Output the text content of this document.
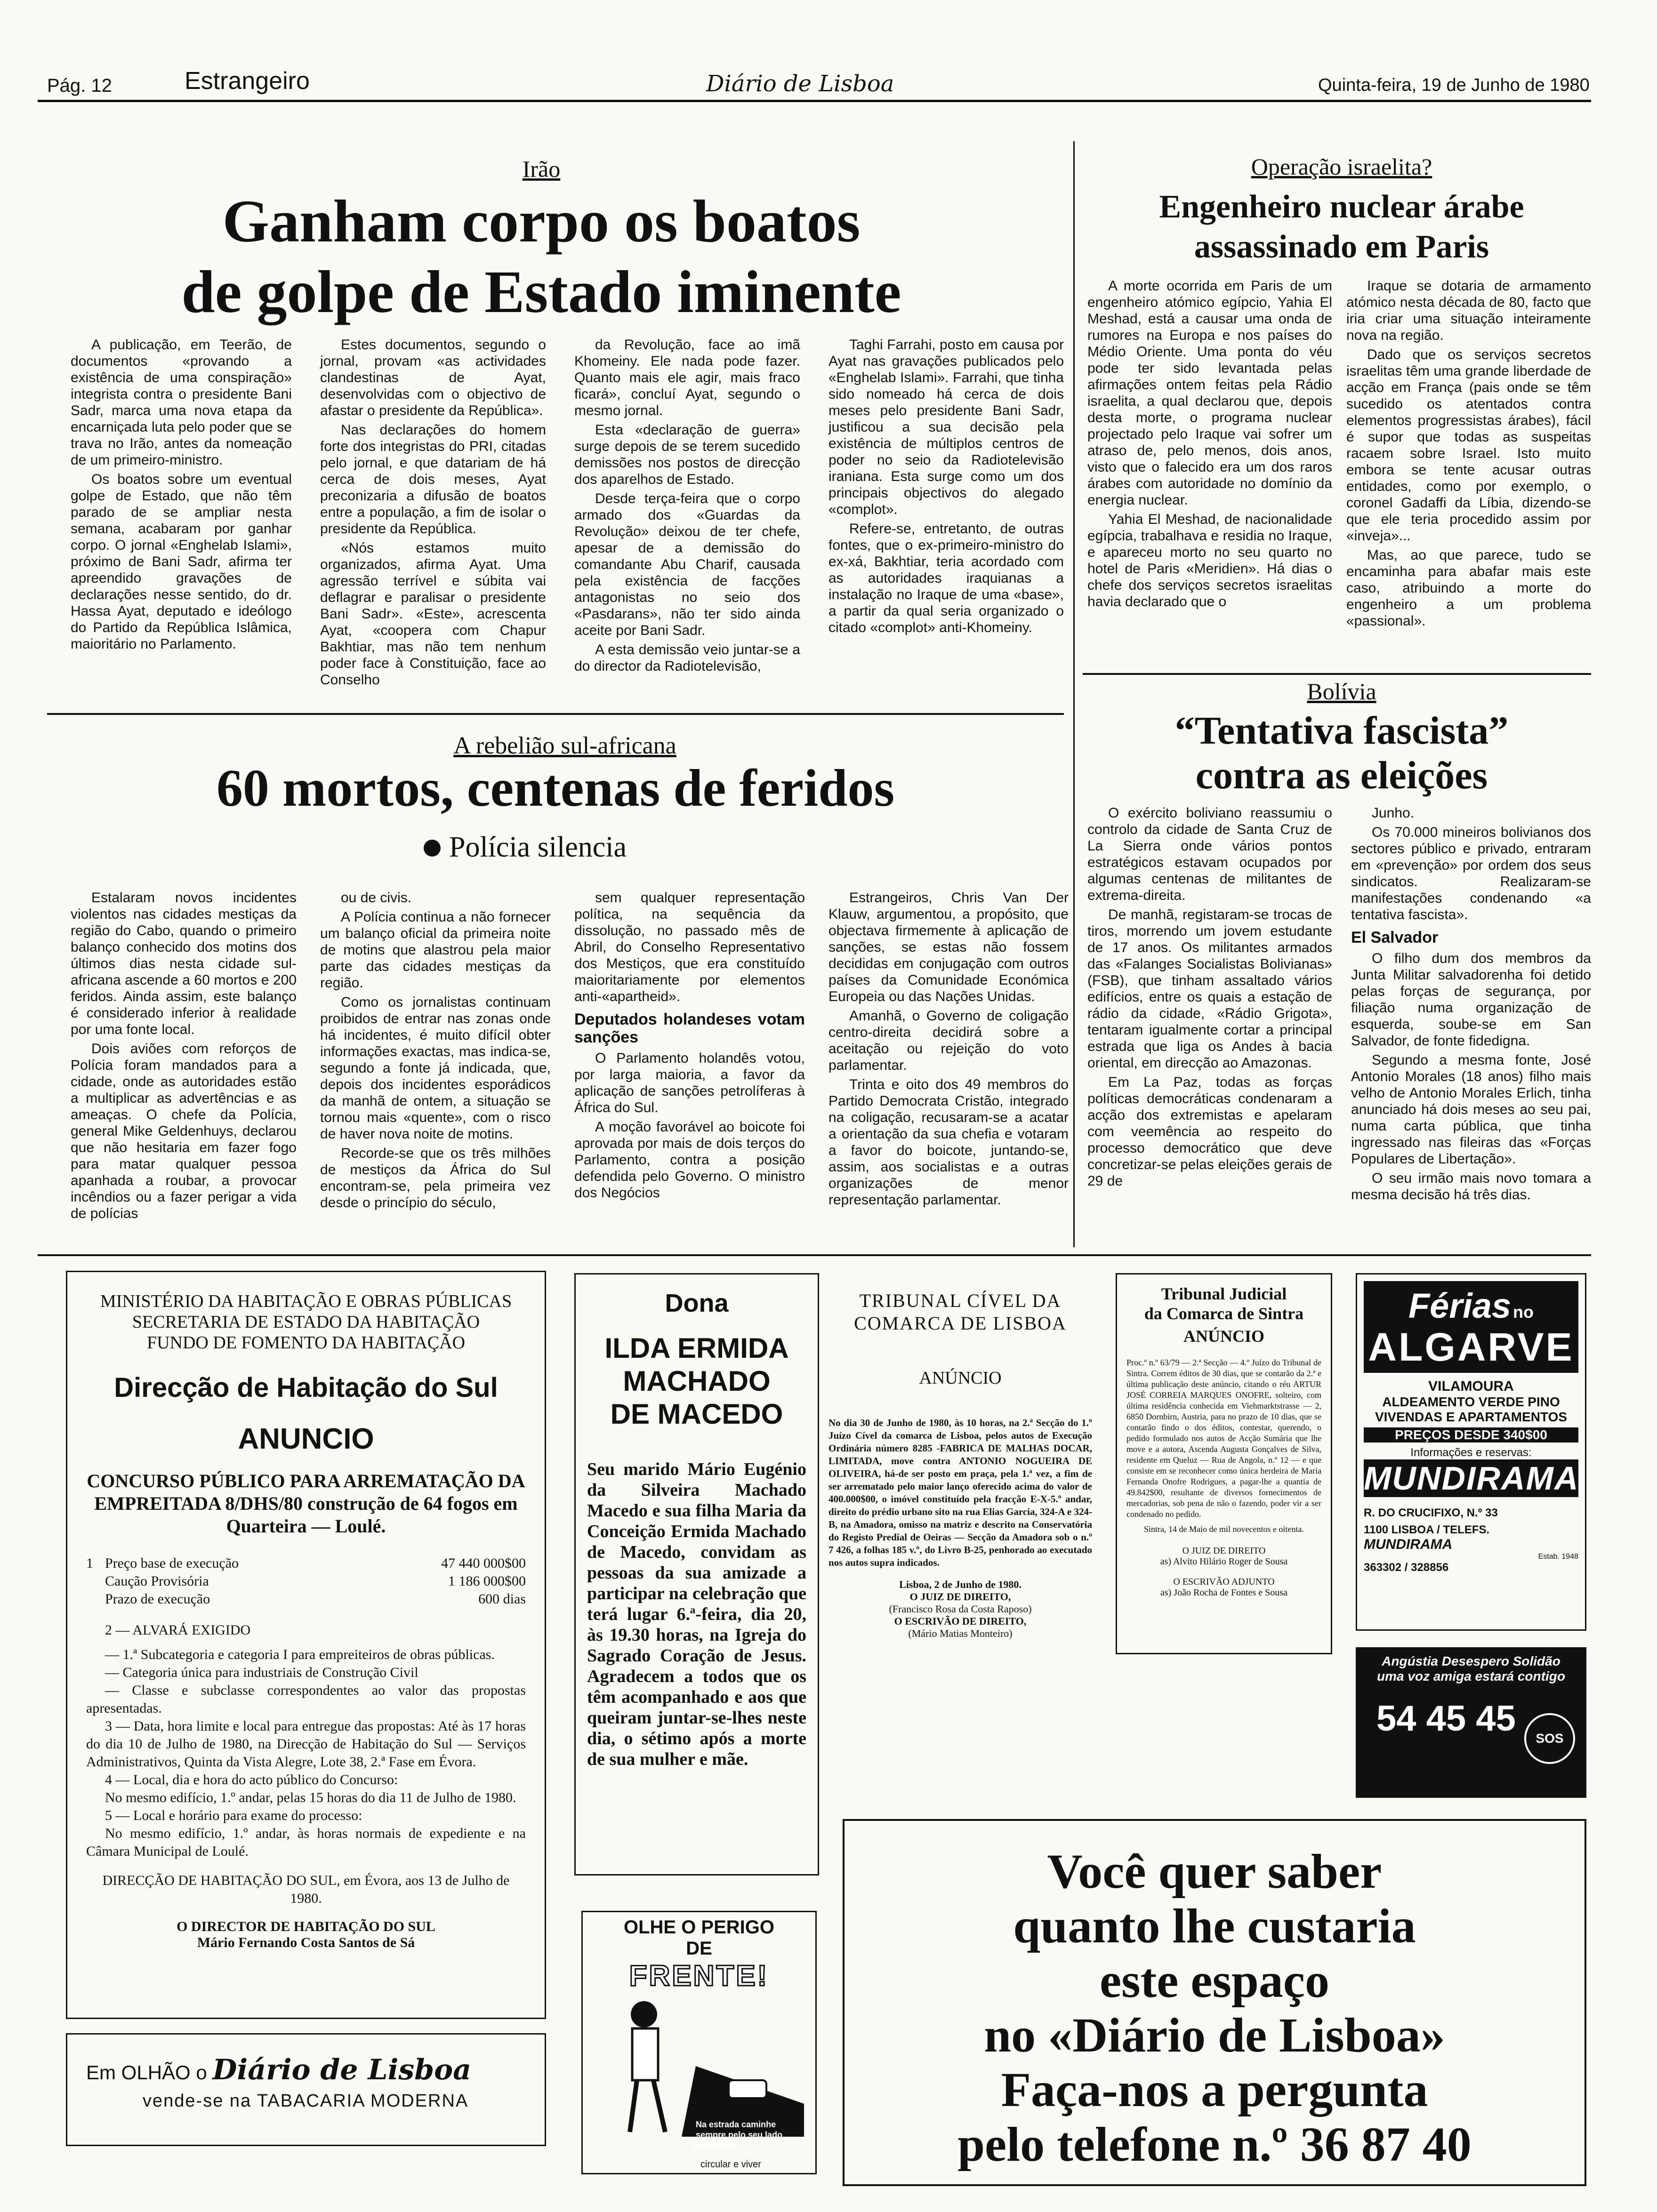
Pág. 12	Estrangeiro	Diário de Lisboa	Quinta-feira, 19 de Junho de 1980
Irão
Ganham corpo os boatos
de golpe de Estado iminente

A publicação, em Teerão, de documentos «provando a existência de uma conspiração» integrista contra o presidente Bani Sadr, marca uma nova etapa da encarniçada luta pelo poder que se trava no Irão, antes da nomeação de um primeiro-ministro.

Os boatos sobre um eventual golpe de Estado, que não têm parado de se ampliar nesta semana, acabaram por ganhar corpo. O jornal «Enghelab Islami», próximo de Bani Sadr, afirma ter apreendido gravações de declarações nesse sentido, do dr. Hassa Ayat, deputado e ideólogo do Partido da República Islâmica, maioritário no Parlamento.

Estes documentos, segundo o jornal, provam «as actividades clandestinas de Ayat, desenvolvidas com o objectivo de afastar o presidente da República».

Nas declarações do homem forte dos integristas do PRI, citadas pelo jornal, e que datariam de há cerca de dois meses, Ayat preconizaria a difusão de boatos entre a população, a fim de isolar o presidente da República.

«Nós estamos muito organizados, afirma Ayat. Uma agressão terrível e súbita vai deflagrar e paralisar o presidente Bani Sadr». «Este», acrescenta Ayat, «coopera com Chapur Bakhtiar, mas não tem nenhum poder face à Constituição, face ao Conselho

da Revolução, face ao imã Khomeiny. Ele nada pode fazer. Quanto mais ele agir, mais fraco ficará», concluí Ayat, segundo o mesmo jornal.

Esta «declaração de guerra» surge depois de se terem sucedido demissões nos postos de direcção dos aparelhos de Estado.

Desde terça-feira que o corpo armado dos «Guardas da Revolução» deixou de ter chefe, apesar de a demissão do comandante Abu Charif, causada pela existência de facções antagonistas no seio dos «Pasdarans», não ter sido ainda aceite por Bani Sadr.

A esta demissão veio juntar-se a do director da Radiotelevisão,

Taghi Farrahi, posto em causa por Ayat nas gravações publicados pelo «Enghelab Islami». Farrahi, que tinha sido nomeado há cerca de dois meses pelo presidente Bani Sadr, justificou a sua decisão pela existência de múltiplos centros de poder no seio da Radiotelevisão iraniana. Esta surge como um dos principais objectivos do alegado «complot».

Refere-se, entretanto, de outras fontes, que o ex-primeiro-ministro do ex-xá, Bakhtiar, teria acordado com as autoridades iraquianas a instalação no Iraque de uma «base», a partir da qual seria organizado o citado «complot» anti-Khomeiny.

Operação israelita?
Engenheiro nuclear árabe
assassinado em Paris

A morte ocorrida em Paris de um engenheiro atómico egípcio, Yahia El Meshad, está a causar uma onda de rumores na Europa e nos países do Médio Oriente. Uma ponta do véu pode ter sido levantada pelas afirmações ontem feitas pela Rádio israelita, a qual declarou que, depois desta morte, o programa nuclear projectado pelo Iraque vai sofrer um atraso de, pelo menos, dois anos, visto que o falecido era um dos raros árabes com autoridade no domínio da energia nuclear.

Yahia El Meshad, de nacionalidade egípcia, trabalhava e residia no Iraque, e apareceu morto no seu quarto no hotel de Paris «Meridien». Há dias o chefe dos serviços secretos israelitas havia declarado que o

Iraque se dotaria de armamento atómico nesta década de 80, facto que iria criar uma situação inteiramente nova na região.

Dado que os serviços secretos israelitas têm uma grande liberdade de acção em França (pais onde se têm sucedido os atentados contra elementos progressistas árabes), fácil é supor que todas as suspeitas racaem sobre Israel. Isto muito embora se tente acusar outras entidades, como por exemplo, o coronel Gadaffi da Líbia, dizendo-se que ele teria procedido assim por «inveja»...

Mas, ao que parece, tudo se encaminha para abafar mais este caso, atribuindo a morte do engenheiro a um problema «passional».

Bolívia
“Tentativa fascista”
contra as eleições

O exército boliviano reassumiu o controlo da cidade de Santa Cruz de La Sierra onde vários pontos estratégicos estavam ocupados por algumas centenas de militantes de extrema-direita.

De manhã, registaram-se trocas de tiros, morrendo um jovem estudante de 17 anos. Os militantes armados das «Falanges Socialistas Bolivianas» (FSB), que tinham assaltado vários edifícios, entre os quais a estação de rádio da cidade, «Rádio Grigota», tentaram igualmente cortar a principal estrada que liga os Andes à bacia oriental, em direcção ao Amazonas.

Em La Paz, todas as forças políticas democráticas condenaram a acção dos extremistas e apelaram com veemência ao respeito do processo democrático que deve concretizar-se pelas eleições gerais de 29 de

Junho.

Os 70.000 mineiros bolivianos dos sectores público e privado, entraram em «prevenção» por ordem dos seus sindicatos. Realizaram-se manifestações condenando «a tentativa fascista».

El Salvador

O filho dum dos membros da Junta Militar salvadorenha foi detido pelas forças de segurança, por filiação numa organização de esquerda, soube-se em San Salvador, de fonte fidedigna.

Segundo a mesma fonte, José Antonio Morales (18 anos) filho mais velho de Antonio Morales Erlich, tinha anunciado há dois meses ao seu pai, numa carta pública, que tinha ingressado nas fileiras das «Forças Populares de Libertação».

O seu irmão mais novo tomara a mesma decisão há três dias.

A rebelião sul-africana
60 mortos, centenas de feridos
Polícia silencia

Estalaram novos incidentes violentos nas cidades mestiças da região do Cabo, quando o primeiro balanço conhecido dos motins dos últimos dias nesta cidade sul-africana ascende a 60 mortos e 200 feridos. Ainda assim, este balanço é considerado inferior à realidade por uma fonte local.

Dois aviões com reforços de Polícia foram mandados para a cidade, onde as autoridades estão a multiplicar as advertências e as ameaças. O chefe da Polícia, general Mike Geldenhuys, declarou que não hesitaria em fazer fogo para matar qualquer pessoa apanhada a roubar, a provocar incêndios ou a fazer perigar a vida de polícias

ou de civis.

A Polícia continua a não fornecer um balanço oficial da primeira noite de motins que alastrou pela maior parte das cidades mestiças da região.

Como os jornalistas continuam proibidos de entrar nas zonas onde há incidentes, é muito difícil obter informações exactas, mas indica-se, segundo a fonte já indicada, que, depois dos incidentes esporádicos da manhã de ontem, a situação se tornou mais «quente», com o risco de haver nova noite de motins.

Recorde-se que os três milhões de mestiços da África do Sul encontram-se, pela primeira vez desde o princípio do século,

sem qualquer representação política, na sequência da dissolução, no passado mês de Abril, do Conselho Representativo dos Mestiços, que era constituído maioritariamente por elementos anti-«apartheid».

Deputados holandeses votam sanções

O Parlamento holandês votou, por larga maioria, a favor da aplicação de sanções petrolíferas à África do Sul.

A moção favorável ao boicote foi aprovada por mais de dois terços do Parlamento, contra a posição defendida pelo Governo. O ministro dos Negócios

Estrangeiros, Chris Van Der Klauw, argumentou, a propósito, que objectava firmemente à aplicação de sanções, se estas não fossem decididas em conjugação com outros países da Comunidade Económica Europeia ou das Nações Unidas.

Amanhã, o Governo de coligação centro-direita decidirá sobre a aceitação ou rejeição do voto parlamentar.

Trinta e oito dos 49 membros do Partido Democrata Cristão, integrado na coligação, recusaram-se a acatar a orientação da sua chefia e votaram a favor do boicote, juntando-se, assim, aos socialistas e a outras organizações de menor representação parlamentar.

MINISTÉRIO DA HABITAÇÃO E OBRAS PÚBLICAS
SECRETARIA DE ESTADO DA HABITAÇÃO
FUNDO DE FOMENTO DA HABITAÇÃO
Direcção de Habitação do Sul
ANUNCIO
CONCURSO PÚBLICO PARA ARREMATAÇÃO DA EMPREITADA 8/DHS/80 construção de 64 fogos em Quarteira — Loulé.
1 Preço base de execução	47 440 000$00
Caução Provisória	1 186 000$00
Prazo de execução	600 dias
2 — ALVARÁ EXIGIDO
— 1.ª Subcategoria e categoria I para empreiteiros de obras públicas.
— Categoria única para industriais de Construção Civil
— Classe e subclasse correspondentes ao valor das propostas apresentadas.
3 — Data, hora limite e local para entregue das propostas: Até às 17 horas do dia 10 de Julho de 1980, na Direcção de Habitação do Sul — Serviços Administrativos, Quinta da Vista Alegre, Lote 38, 2.ª Fase em Évora.
4 — Local, dia e hora do acto público do Concurso:
No mesmo edifício, 1.º andar, pelas 15 horas do dia 11 de Julho de 1980.
5 — Local e horário para exame do processo:
No mesmo edifício, 1.º andar, às horas normais de expediente e na Câmara Municipal de Loulé.
DIRECÇÃO DE HABITAÇÃO DO SUL, em Évora, aos 13 de Julho de 1980.
O DIRECTOR DE HABITAÇÃO DO SUL
Mário Fernando Costa Santos de Sá
Em OLHÃO o Diário de Lisboa
vende-se na TABACARIA MODERNA
Dona
ILDA ERMIDA
MACHADO
DE MACEDO
Seu marido Mário Eugénio da Silveira Machado Macedo e sua filha Maria da Conceição Ermida Machado de Macedo, convidam as pessoas da sua amizade a participar na celebração que terá lugar 6.ª-feira, dia 20, às 19.30 horas, na Igreja do Sagrado Coração de Jesus. Agradecem a todos que os têm acompanhado e aos que queiram juntar-se-lhes neste dia, o sétimo após a morte de sua mulher e mãe.
OLHE O PERIGO
DE
FRENTE!
Na estrada caminhe sempre pelo seu lado esquerdo
circular e viver
TRIBUNAL CÍVEL DA COMARCA DE LISBOA
ANÚNCIO
No dia 30 de Junho de 1980, às 10 horas, na 2.ª Secção do 1.º Juízo Cível da comarca de Lisboa, pelos autos de Execução Ordinária número 8285 -FABRICA DE MALHAS DOCAR, LIMITADA, move contra ANTONIO NOGUEIRA DE OLIVEIRA, há-de ser posto em praça, pela 1.ª vez, a fim de ser arrematado pelo maior lanço oferecido acima do valor de 400.000$00, o imóvel constituído pela fracção E-X-5.º andar, direito do prédio urbano sito na rua Elias Garcia, 324-A e 324-B, na Amadora, omisso na matriz e descrito na Conservatória do Registo Predial de Oeiras — Secção da Amadora sob o n.º 7 426, a folhas 185 v.º, do Livro B-25, penhorado ao executado nos autos supra indicados.
Lisboa, 2 de Junho de 1980.
O JUIZ DE DIREITO,
(Francisco Rosa da Costa Raposo)
O ESCRIVÃO DE DIREITO,
(Mário Matias Monteiro)
Tribunal Judicial
da Comarca de Sintra
ANÚNCIO
Proc.º n.º 63/79 — 2.ª Secção — 4.º Juízo do Tribunal de Sintra. Correm éditos de 30 dias, que se contarão da 2.ª e última publicação deste anúncio, citando o réu ARTUR JOSÉ CORREIA MARQUES ONOFRE, solteiro, com última residência conhecida em Viehmarktstrasse — 2, 6850 Dornbirn, Austria, para no prazo de 10 dias, que se contarão findo o dos éditos, contestar, querendo, o pedido formulado nos autos de Acção Sumária que lhe move e a autora, Ascenda Augusta Gonçalves de Silva, residente em Queluz — Rua de Angola, n.º 12 — e que consiste em se reconhecer como única herdeira de Maria Fernanda Onofre Rodrigues, a pagar-lhe a quantia de 49.842$00, resultante de diversos fornecimentos de mercadorias, sob pena de não o fazendo, poder vir a ser condenado no pedido.
Sintra, 14 de Maio de mil novecentos e oitenta.
O JUIZ DE DIREITO
as) Alvito Hilário Roger de Sousa
O ESCRIVÃO ADJUNTO
as) João Rocha de Fontes e Sousa
Férias no
ALGARVE
VILAMOURA
ALDEAMENTO VERDE PINO
VIVENDAS E APARTAMENTOS
PREÇOS DESDE 340$00
Informações e reservas:
MUNDIRAMA
R. DO CRUCIFIXO, N.º 33
1100 LISBOA / TELEFS. MUNDIRAMA
Estab. 1948
363302 / 328856
Angústia Desespero Solidão
uma voz amiga estará contigo
54 45 45	SOS
Você quer saber
quanto lhe custaria
este espaço
no «Diário de Lisboa»
Faça-nos a pergunta
pelo telefone n.º 36 87 40
